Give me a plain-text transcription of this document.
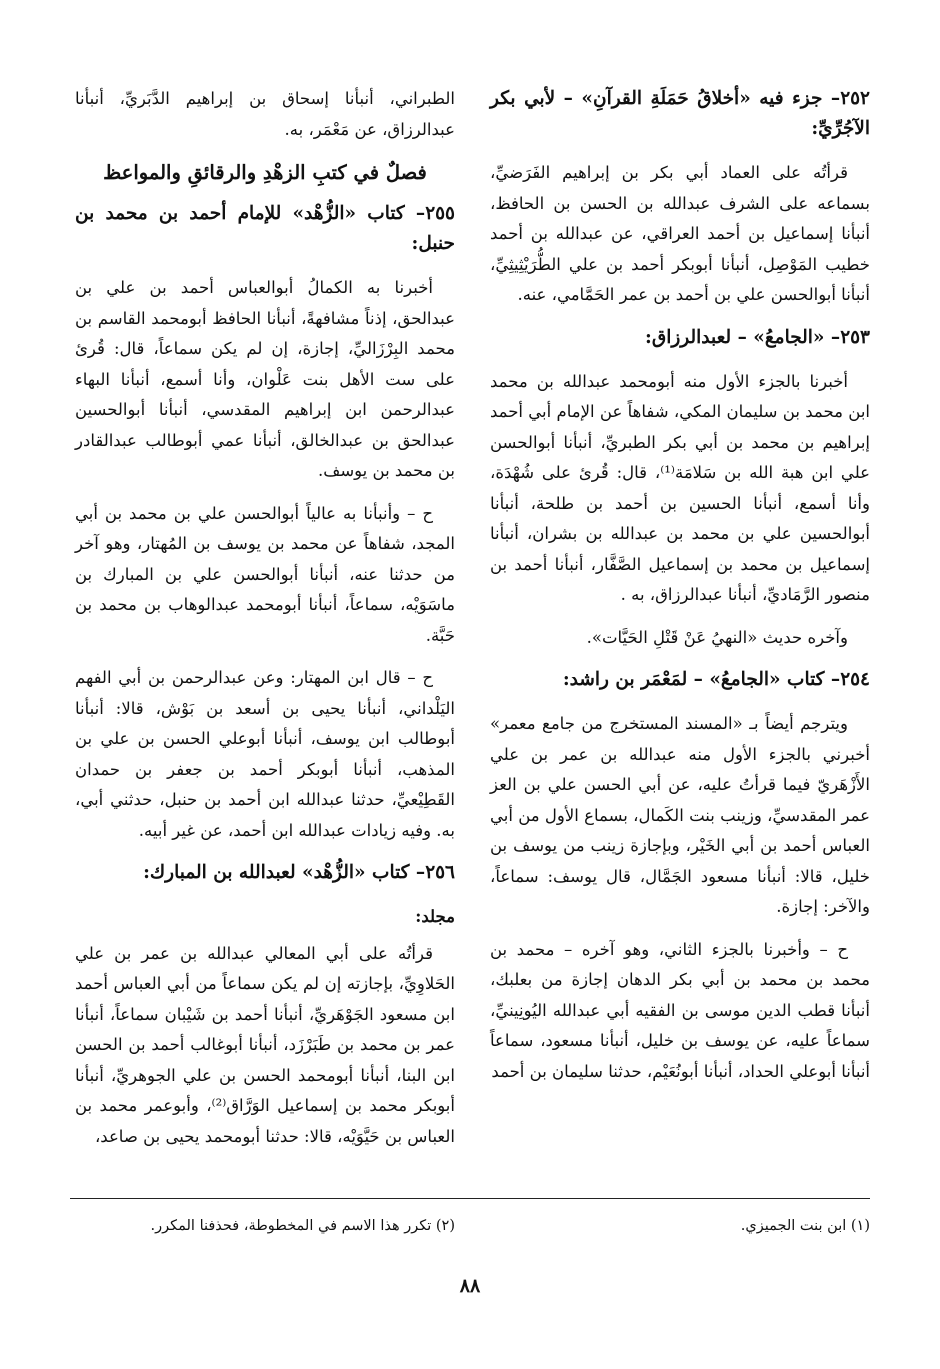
٢٥٢– جزء فيه «أخلاقُ حَمَلَةِ القرآنِ» – لأبي بكر الآجُرِّيِّ:

قرأتُه على العماد أبي بكر بن إبراهيم الفَرَضيِّ، بسماعه على الشرف عبدالله بن الحسن بن الحافظ، أنبأنا إسماعيل بن أحمد العراقي، عن عبدالله بن أحمد خطيب المَوْصِل، أنبأنا أبوبكر أحمد بن علي الطُّرَيْثِيثِيِّ، أنبأنا أبوالحسن علي بن أحمد بن عمر الحَمَّامي، عنه.

٢٥٣– «الجامعُ» – لعبدالرزاق:

أخبرنا بالجزء الأول منه أبومحمد عبدالله بن محمد ابن محمد بن سليمان المكي، شفاهاً عن الإمام أبي أحمد إبراهيم بن محمد بن أبي بكر الطبريِّ، أنبأنا أبوالحسن علي ابن هبة الله بن سَلامَة⁽¹⁾، قال: قُرئ على شُهْدَة، وأنا أسمع، أنبأنا الحسين بن أحمد بن طلحة، أنبأنا أبوالحسين علي بن محمد بن عبدالله بن بشران، أنبأنا إسماعيل بن محمد بن إسماعيل الصَّفَّار، أنبأنا أحمد بن منصور الرَّمَاديِّ، أنبأنا عبدالرزاق، به .

وآخره حديث «النهيُ عَنْ قَتْلِ الحَيَّات».

٢٥٤– كتاب «الجامعُ» – لمَعْمَر بن راشد:

ويترجم أيضاً بـ «المسند المستخرج من جامع معمر» أخبرني بالجزء الأول منه عبدالله بن عمر بن علي الأَزْهَريّ فيما قرأتُ عليه، عن أبي الحسن علي بن العز عمر المقدسيِّ، وزينب بنت الكَمال، بسماع الأول من أبي العباس أحمد بن أبي الخَيْر، وبإجازة زينب من يوسف بن خليل، قالا: أنبأنا مسعود الجَمَّال، قال يوسف: سماعاً، والآخر: إجازة.

ح – وأخبرنا بالجزء الثاني، وهو آخره – محمد بن محمد بن محمد بن أبي بكر الدهان إجازة من بعلبك، أنبأنا قطب الدين موسى بن الفقيه أبي عبدالله اليُونِينيِّ، سماعاً عليه، عن يوسف بن خليل، أنبأنا مسعود، سماعاً أنبأنا أبوعلي الحداد، أنبأنا أبونُعَيْم، حدثنا سليمان بن أحمد

الطبراني، أنبأنا إسحاق بن إبراهيم الدَّبَريِّ، أنبأنا عبدالرزاق، عن مَعْمَر، به.

فصلٌ في كتبِ الزهْدِ والرقائقِ والمواعظ
٢٥٥– كتاب «الزُّهْد» للإمام أحمد بن محمد بن حنبل:

أخبرنا به الكمالُ أبوالعباس أحمد بن علي بن عبدالحق، إذناً مشافهةً، أنبأنا الحافظ أبومحمد القاسم بن محمد البِرْزَاليِّ، إجازة، إن لم يكن سماعاً، قال: قُرئ على ست الأهل بنت عَلْوان، وأنا أسمع، أنبأنا البهاء عبدالرحمن ابن إبراهيم المقدسي، أنبأنا أبوالحسين عبدالحق بن عبدالخالق، أنبأنا عمي أبوطالب عبدالقادر بن محمد بن يوسف.

ح – وأنبأنا به عالياً أبوالحسن علي بن محمد بن أبي المجد، شفاهاً عن محمد بن يوسف بن المُهتار، وهو آخر من حدثنا عنه، أنبأنا أبوالحسن علي بن المبارك بن ماسَوَيْه، سماعاً، أنبأنا أبومحمد عبدالوهاب بن محمد بن حَبَّة.

ح – قال ابن المهتار: وعن عبدالرحمن بن أبي الفهم اليَلْداني، أنبأنا يحيى بن أسعد بن بَوْش، قالا: أنبأنا أبوطالب ابن يوسف، أنبأنا أبوعلي الحسن بن علي بن المذهب، أنبأنا أبوبكر أحمد بن جعفر بن حمدان القَطِيْعيِّ، حدثنا عبدالله ابن أحمد بن حنبل، حدثني أبي، به. وفيه زيادات عبدالله ابن أحمد، عن غير أبيه.

٢٥٦– كتاب «الزُّهْد» لعبدالله بن المبارك:

مجلد:

قرأتُه على أبي المعالي عبدالله بن عمر بن علي الحَلاوِيِّ، بإجازته إن لم يكن سماعاً من أبي العباس أحمد ابن مسعود الجَوْهَريِّ، أنبأنا أحمد بن شَيْبان سماعاً، أنبأنا عمر بن محمد بن طَبَرْزَد، أنبأنا أبوغالب أحمد بن الحسن ابن البنا، أنبأنا أبومحمد الحسن بن علي الجوهريِّ، أنبأنا أبوبكر محمد بن إسماعيل الوَرَّاق⁽²⁾، وأبوعمر محمد بن العباس بن حَيَّوَيْه، قالا: حدثنا أبومحمد يحيى بن صاعد،

(١) ابن بنت الجميزي.
(٢) تكرر هذا الاسم في المخطوطة، فحذفنا المكرر.
٨٨
